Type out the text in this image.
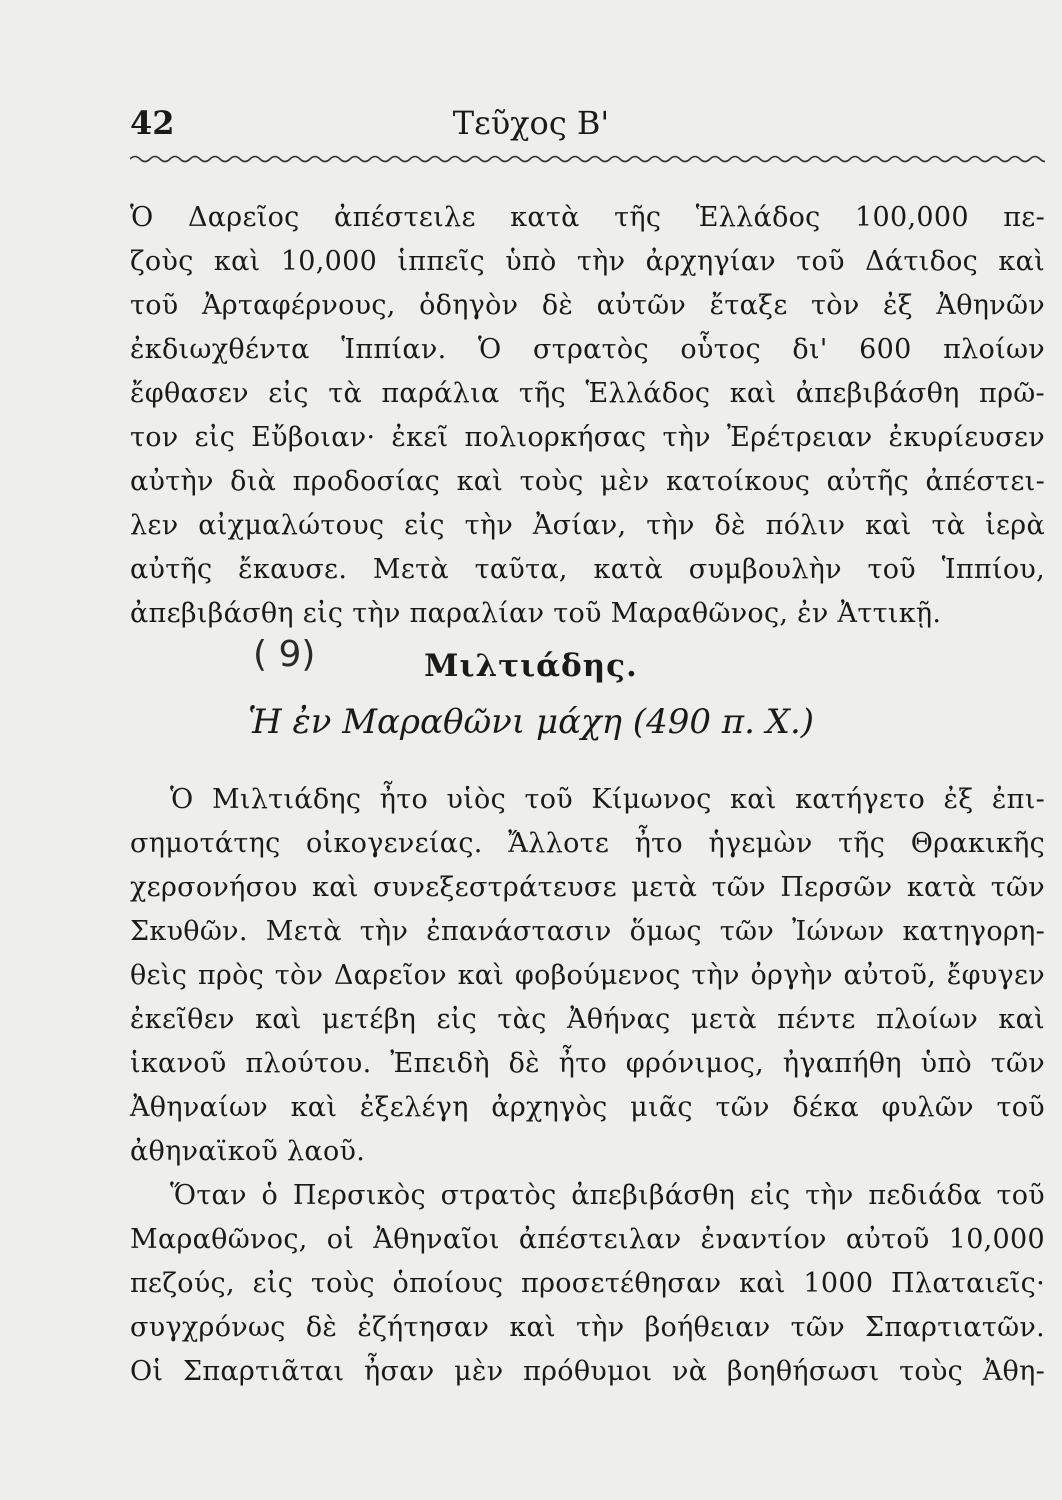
42	Τεῦχος Β'
Ὁ Δαρεῖος ἀπέστειλε κατὰ τῆς Ἑλλάδος 100,000 πε-
ζοὺς καὶ 10,000 ἱππεῖς ὑπὸ τὴν ἀρχηγίαν τοῦ Δάτιδος καὶ
τοῦ Ἀρταφέρνους, ὁδηγὸν δὲ αὐτῶν ἔταξε τὸν ἐξ Ἀθηνῶν
ἐκδιωχθέντα Ἱππίαν. Ὁ στρατὸς οὗτος δι' 600 πλοίων
ἔφθασεν εἰς τὰ παράλια τῆς Ἑλλάδος καὶ ἀπεβιβάσθη πρῶ-
τον εἰς Εὔβοιαν· ἐκεῖ πολιορκήσας τὴν Ἐρέτρειαν ἐκυρίευσεν
αὐτὴν διὰ προδοσίας καὶ τοὺς μὲν κατοίκους αὐτῆς ἀπέστει-
λεν αἰχμαλώτους εἰς τὴν Ἀσίαν, τὴν δὲ πόλιν καὶ τὰ ἱερὰ
αὐτῆς ἔκαυσε. Μετὰ ταῦτα, κατὰ συμβουλὴν τοῦ Ἱππίου,
ἀπεβιβάσθη εἰς τὴν παραλίαν τοῦ Μαραθῶνος, ἐν Ἀττικῇ.
( 9)	Μιλτιάδης.
Ἡ ἐν Μαραθῶνι μάχη (490 π. Χ.)
Ὁ Μιλτιάδης ἦτο υἱὸς τοῦ Κίμωνος καὶ κατήγετο ἐξ ἐπι-
σημοτάτης οἰκογενείας. Ἄλλοτε ἦτο ἡγεμὼν τῆς Θρακικῆς
χερσονήσου καὶ συνεξεστράτευσε μετὰ τῶν Περσῶν κατὰ τῶν
Σκυθῶν. Μετὰ τὴν ἐπανάστασιν ὅμως τῶν Ἰώνων κατηγορη-
θεὶς πρὸς τὸν Δαρεῖον καὶ φοβούμενος τὴν ὀργὴν αὐτοῦ, ἔφυγεν
ἐκεῖθεν καὶ μετέβη εἰς τὰς Ἀθήνας μετὰ πέντε πλοίων καὶ
ἱκανοῦ πλούτου. Ἐπειδὴ δὲ ἦτο φρόνιμος, ἠγαπήθη ὑπὸ τῶν
Ἀθηναίων καὶ ἐξελέγη ἀρχηγὸς μιᾶς τῶν δέκα φυλῶν τοῦ
ἀθηναϊκοῦ λαοῦ.
Ὅταν ὁ Περσικὸς στρατὸς ἀπεβιβάσθη εἰς τὴν πεδιάδα τοῦ
Μαραθῶνος, οἱ Ἀθηναῖοι ἀπέστειλαν ἐναντίον αὐτοῦ 10,000
πεζούς, εἰς τοὺς ὁποίους προσετέθησαν καὶ 1000 Πλαταιεῖς·
συγχρόνως δὲ ἐζήτησαν καὶ τὴν βοήθειαν τῶν Σπαρτιατῶν.
Οἱ Σπαρτιᾶται ἦσαν μὲν πρόθυμοι νὰ βοηθήσωσι τοὺς Ἀθη-
